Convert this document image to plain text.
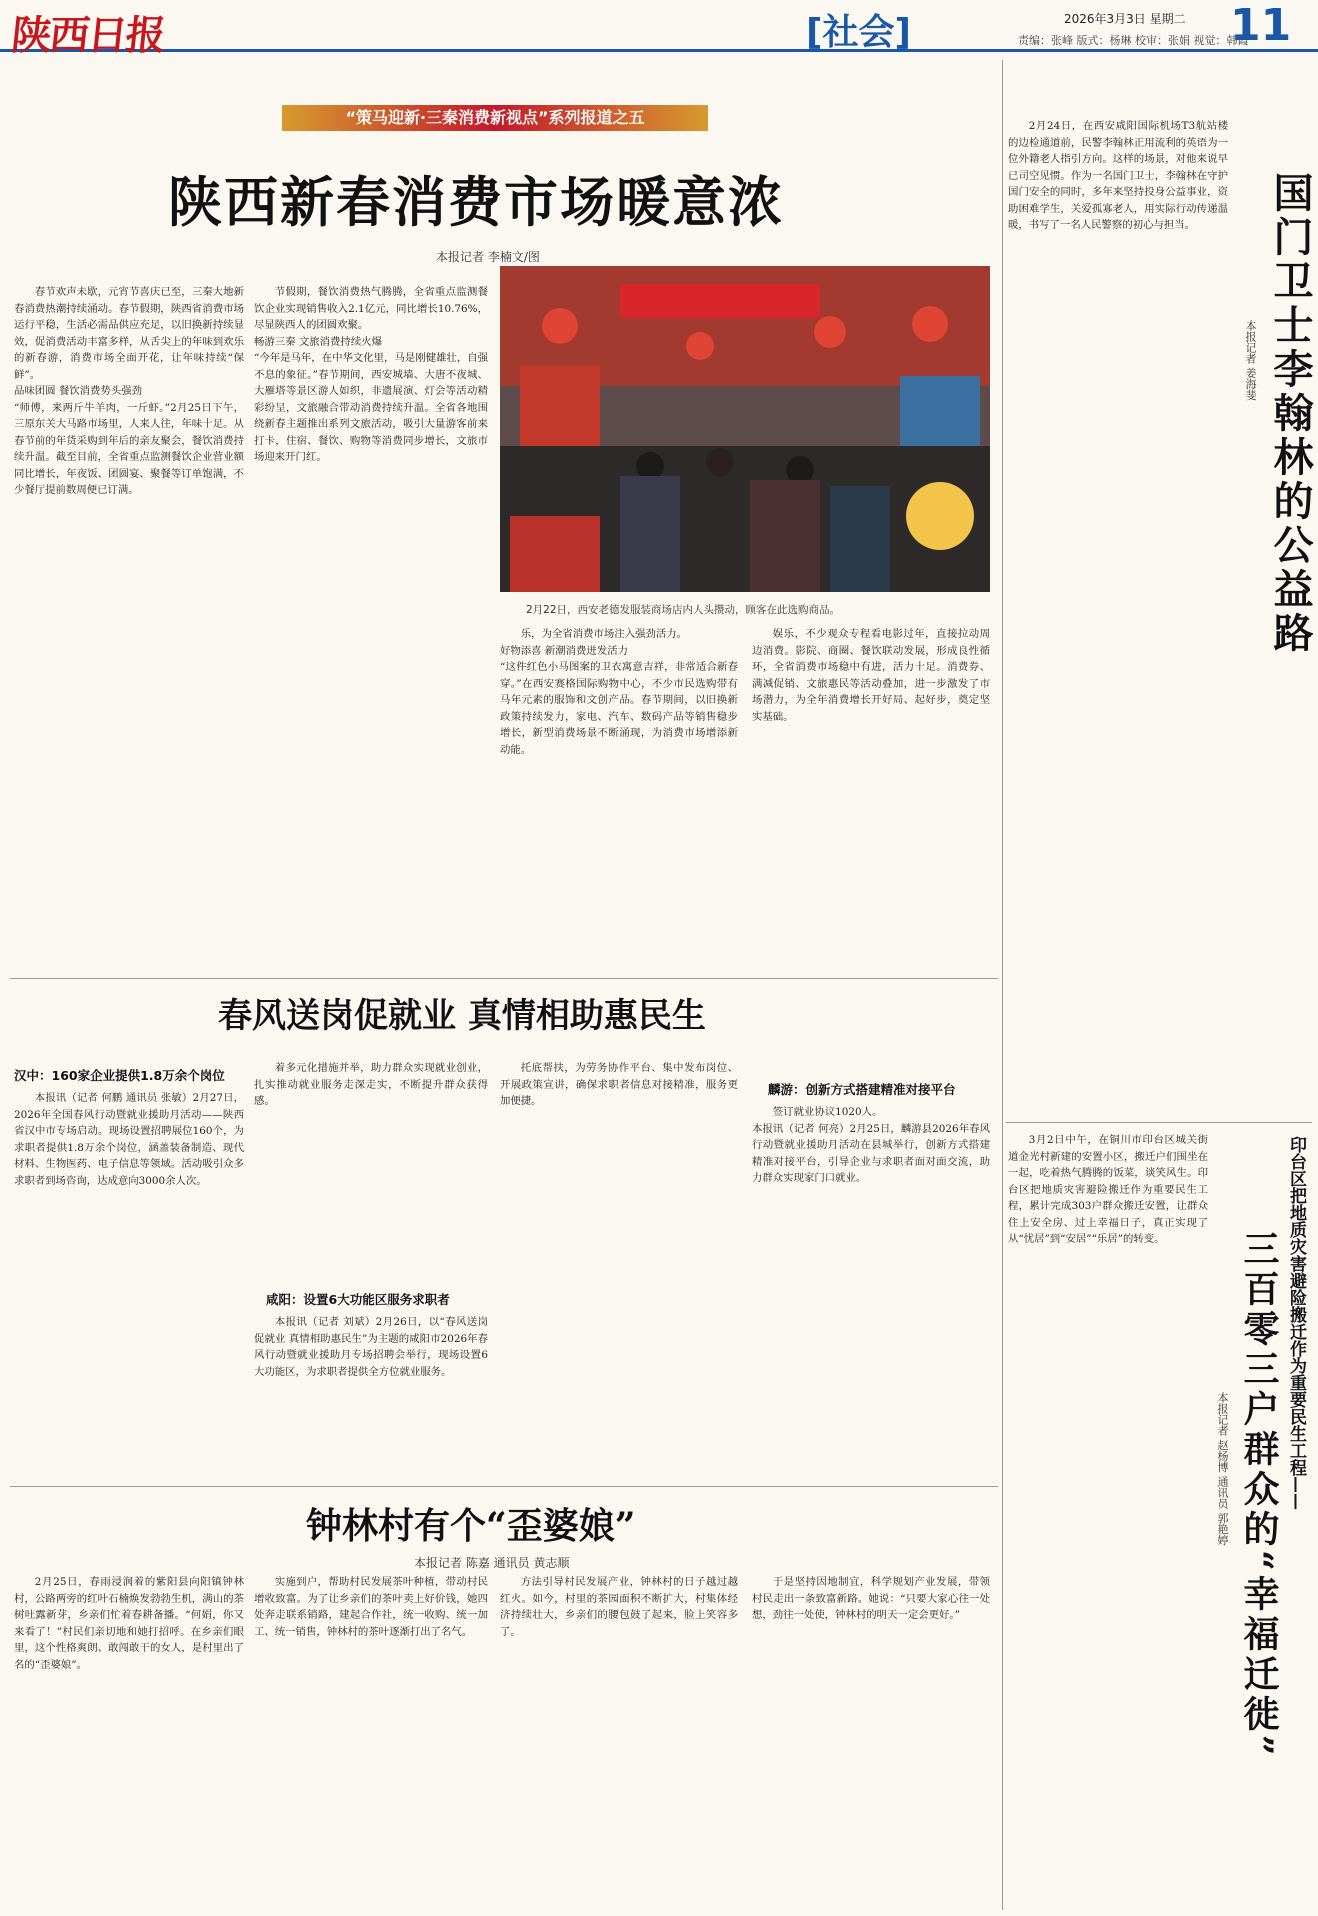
陕西日报	[社会]	2026年3月3日 星期二
责编：张峰 版式：杨琳 校审：张娟 视觉：韩霞
11
“策马迎新·三秦消费新视点”系列报道之五
陕西新春消费市场暖意浓
本报记者 李楠文/图

春节欢声未歇，元宵节喜庆已至，三秦大地新春消费热潮持续涌动。春节假期，陕西省消费市场运行平稳，生活必需品供应充足，以旧换新持续显效，促消费活动丰富多样，从舌尖上的年味到欢乐的新春游，消费市场全面开花，让年味持续“保鲜”。
品味团圆 餐饮消费势头强劲
“师傅，来两斤牛羊肉，一斤虾。”2月25日下午，三原东关大马路市场里，人来人往，年味十足。从春节前的年货采购到年后的亲友聚会，餐饮消费持续升温。截至目前，全省重点监测餐饮企业营业额同比增长，年夜饭、团圆宴、聚餐等订单饱满，不少餐厅提前数周便已订满。

节假期，餐饮消费热气腾腾，全省重点监测餐饮企业实现销售收入2.1亿元，同比增长10.76%，尽显陕西人的团圆欢聚。
畅游三秦 文旅消费持续火爆
“今年是马年，在中华文化里，马是刚健雄壮，自强不息的象征。”春节期间，西安城墙、大唐不夜城、大雁塔等景区游人如织，非遗展演、灯会等活动精彩纷呈，文旅融合带动消费持续升温。全省各地围绕新春主题推出系列文旅活动，吸引大量游客前来打卡，住宿、餐饮、购物等消费同步增长，文旅市场迎来开门红。

2月22日，西安老德发服装商场店内人头攒动，顾客在此选购商品。

乐，为全省消费市场注入强劲活力。
好物添喜 新潮消费迸发活力
“这件红色小马图案的卫衣寓意吉祥，非常适合新春穿。”在西安赛格国际购物中心，不少市民选购带有马年元素的服饰和文创产品。春节期间，以旧换新政策持续发力，家电、汽车、数码产品等销售稳步增长，新型消费场景不断涌现，为消费市场增添新动能。

娱乐，不少观众专程看电影过年，直接拉动周边消费。影院、商圈、餐饮联动发展，形成良性循环，全省消费市场稳中有进，活力十足。消费券、满减促销、文旅惠民等活动叠加，进一步激发了市场潜力，为全年消费增长开好局、起好步，奠定坚实基础。

春风送岗促就业 真情相助惠民生
汉中：160家企业提供1.8万余个岗位

本报讯（记者 何鹏 通讯员 张敏）2月27日，2026年全国春风行动暨就业援助月活动——陕西省汉中市专场启动。现场设置招聘展位160个，为求职者提供1.8万余个岗位，涵盖装备制造、现代材料、生物医药、电子信息等领域。活动吸引众多求职者到场咨询，达成意向3000余人次。

着多元化措施并举，助力群众实现就业创业，扎实推动就业服务走深走实，不断提升群众获得感。

咸阳：设置6大功能区服务求职者

本报讯（记者 刘斌）2月26日，以“春风送岗促就业 真情相助惠民生”为主题的咸阳市2026年春风行动暨就业援助月专场招聘会举行，现场设置6大功能区，为求职者提供全方位就业服务。

托底帮扶，为劳务协作平台、集中发布岗位、开展政策宣讲，确保求职者信息对接精准，服务更加便捷。

麟游：创新方式搭建精准对接平台

签订就业协议1020人。
本报讯（记者 何亮）2月25日，麟游县2026年春风行动暨就业援助月活动在县城举行，创新方式搭建精准对接平台，引导企业与求职者面对面交流，助力群众实现家门口就业。

钟林村有个“歪婆娘”
本报记者 陈嘉 通讯员 黄志顺

2月25日，春雨浸润着的紫阳县向阳镇钟林村，公路两旁的红叶石楠焕发勃勃生机，满山的茶树吐露新芽，乡亲们忙着春耕备播。“何娟，你又来看了！”村民们亲切地和她打招呼。在乡亲们眼里，这个性格爽朗、敢闯敢干的女人，是村里出了名的“歪婆娘”。

实施到户，帮助村民发展茶叶种植，带动村民增收致富。为了让乡亲们的茶叶卖上好价钱，她四处奔走联系销路，建起合作社，统一收购、统一加工、统一销售，钟林村的茶叶逐渐打出了名气。

方法引导村民发展产业，钟林村的日子越过越红火。如今，村里的茶园面积不断扩大，村集体经济持续壮大，乡亲们的腰包鼓了起来，脸上笑容多了。

于是坚持因地制宜，科学规划产业发展，带领村民走出一条致富新路。她说：“只要大家心往一处想，劲往一处使，钟林村的明天一定会更好。”

2月24日，在西安咸阳国际机场T3航站楼的边检通道前，民警李翰林正用流利的英语为一位外籍老人指引方向。这样的场景，对他来说早已司空见惯。作为一名国门卫士，李翰林在守护国门安全的同时，多年来坚持投身公益事业，资助困难学生，关爱孤寡老人，用实际行动传递温暖，书写了一名人民警察的初心与担当。	国门卫士李翰林的公益路
本报记者 姜海斐

3月2日中午，在铜川市印台区城关街道金光村新建的安置小区，搬迁户们围坐在一起，吃着热气腾腾的饭菜，谈笑风生。印台区把地质灾害避险搬迁作为重要民生工程，累计完成303户群众搬迁安置，让群众住上安全房、过上幸福日子，真正实现了从“忧居”到“安居”“乐居”的转变。	印台区把地质灾害避险搬迁作为重要民生工程——
三百零三户群众的“幸福迁徙”
本报记者 赵杨博 通讯员 郭艳婷
